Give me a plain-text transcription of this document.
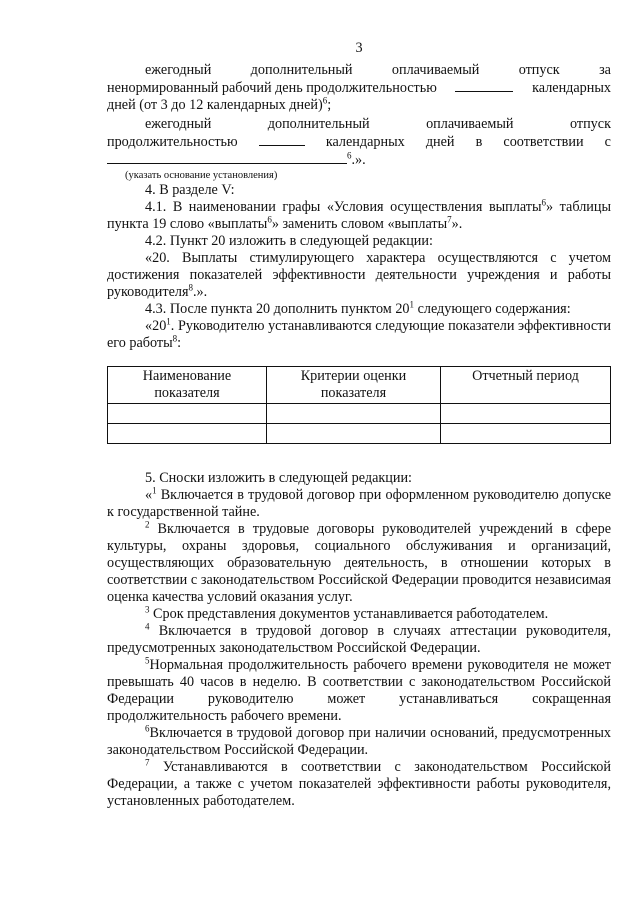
3
ежегодный	дополнительный	оплачиваемый	отпуск	за
ненормированный рабочий день продолжительностью	календарных
дней (от 3 до 12 календарных дней)$^6$;
ежегодный	дополнительный	оплачиваемый	отпуск
продолжительностью	календарных дней в соответствии с
$^6$.».
(указать основание установления)

4. В разделе V:

4.1. В наименовании графы «Условия осуществления выплаты$^6$» таблицы пункта 19 слово «выплаты$^6$» заменить словом «выплаты$^7$».

4.2. Пункт 20 изложить в следующей редакции:

«20. Выплаты стимулирующего характера осуществляются с учетом достижения показателей эффективности деятельности учреждения и работы руководителя$^8$.».

4.3. После пункта 20 дополнить пунктом $20^1$ следующего содержания:

«$20^1$. Руководителю устанавливаются следующие показатели эффективности его работы$^8$:

Наименование показателя	Критерии оценки показателя	Отчетный период

5. Сноски изложить в следующей редакции:

«$^1$ Включается в трудовой договор при оформленном руководителю допуске к государственной тайне.

$^2$ Включается в трудовые договоры руководителей учреждений в сфере культуры, охраны здоровья, социального обслуживания и организаций, осуществляющих образовательную деятельность, в отношении которых в соответствии с законодательством Российской Федерации проводится независимая оценка качества условий оказания услуг.

$^3$ Срок представления документов устанавливается работодателем.

$^4$ Включается в трудовой договор в случаях аттестации руководителя, предусмотренных законодательством Российской Федерации.

$^5$Нормальная продолжительность рабочего времени руководителя не может превышать 40 часов в неделю. В соответствии с законодательством Российской Федерации руководителю может устанавливаться сокращенная продолжительность рабочего времени.

$^6$Включается в трудовой договор при наличии оснований, предусмотренных законодательством Российской Федерации.

$^7$ Устанавливаются в соответствии с законодательством Российской Федерации, а также с учетом показателей эффективности работы руководителя, установленных работодателем.
